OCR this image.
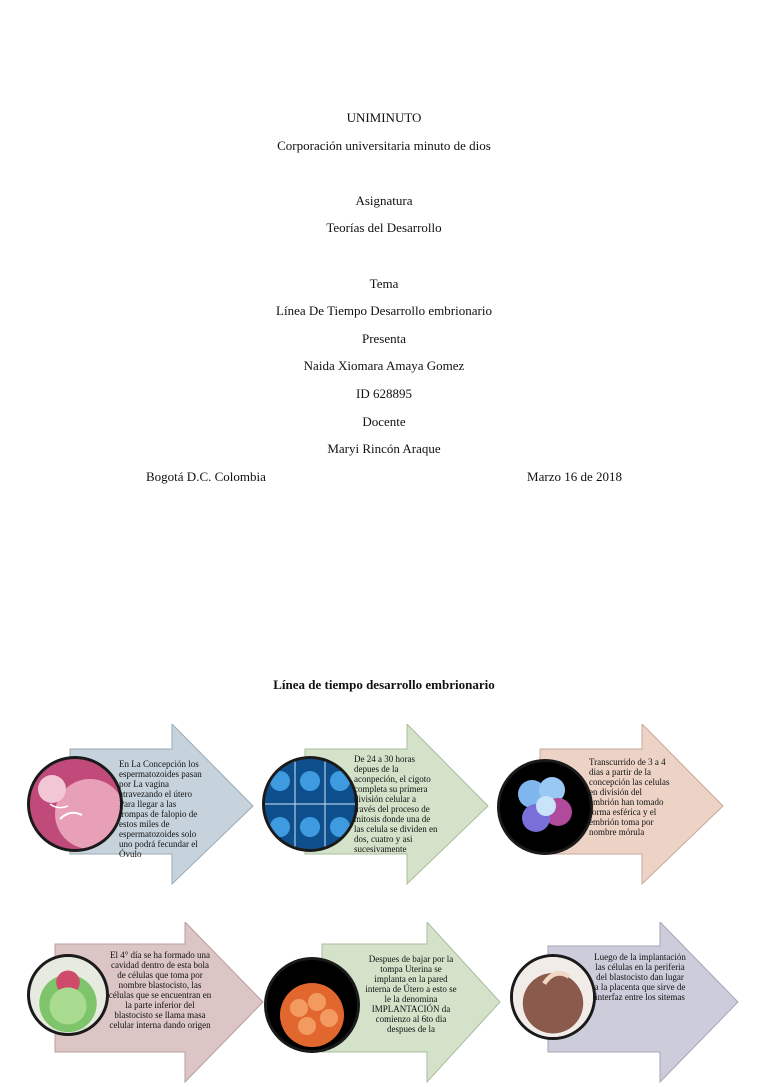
UNIMINUTO
Corporación universitaria minuto de dios
Asignatura
Teorías del Desarrollo
Tema
Línea De Tiempo Desarrollo embrionario
Presenta
Naida Xiomara Amaya Gomez
ID 628895
Docente
Maryi Rincón Araque
Bogotá D.C. Colombia	Marzo 16 de 2018
Línea de tiempo desarrollo embrionario
En La Concepción los espermatozoides pasan por La vagina atravezando el útero Para llegar a las trompas de falopio de estos miles de espermatozoides solo uno podrá fecundar el Óvulo
De 24 a 30 horas depues de la aconpeción, el cigoto completa su primera división celular a través del proceso de mitosis donde una de las celula se dividen en dos, cuatro y asi sucesivamente
Transcurrido de 3 a 4 dias a partir de la concepción las celulas en división del embrión han tomado forma esférica y el embrión toma por nombre mórula
El 4° día se ha formado una cavidad dentro de esta bola de células que toma por nombre blastocisto, las células que se encuentran en la parte inferior del blastocisto se llama masa celular interna dando origen
Despues de bajar por la tompa Uterina se implanta en la pared interna de Útero a esto se le la denomina IMPLANTACIÓN da comienzo al 6to dia despues de la
Luego de la implantación las células en la periferia del blastocisto dan lugar a la placenta que sirve de interfaz entre los sitemas
